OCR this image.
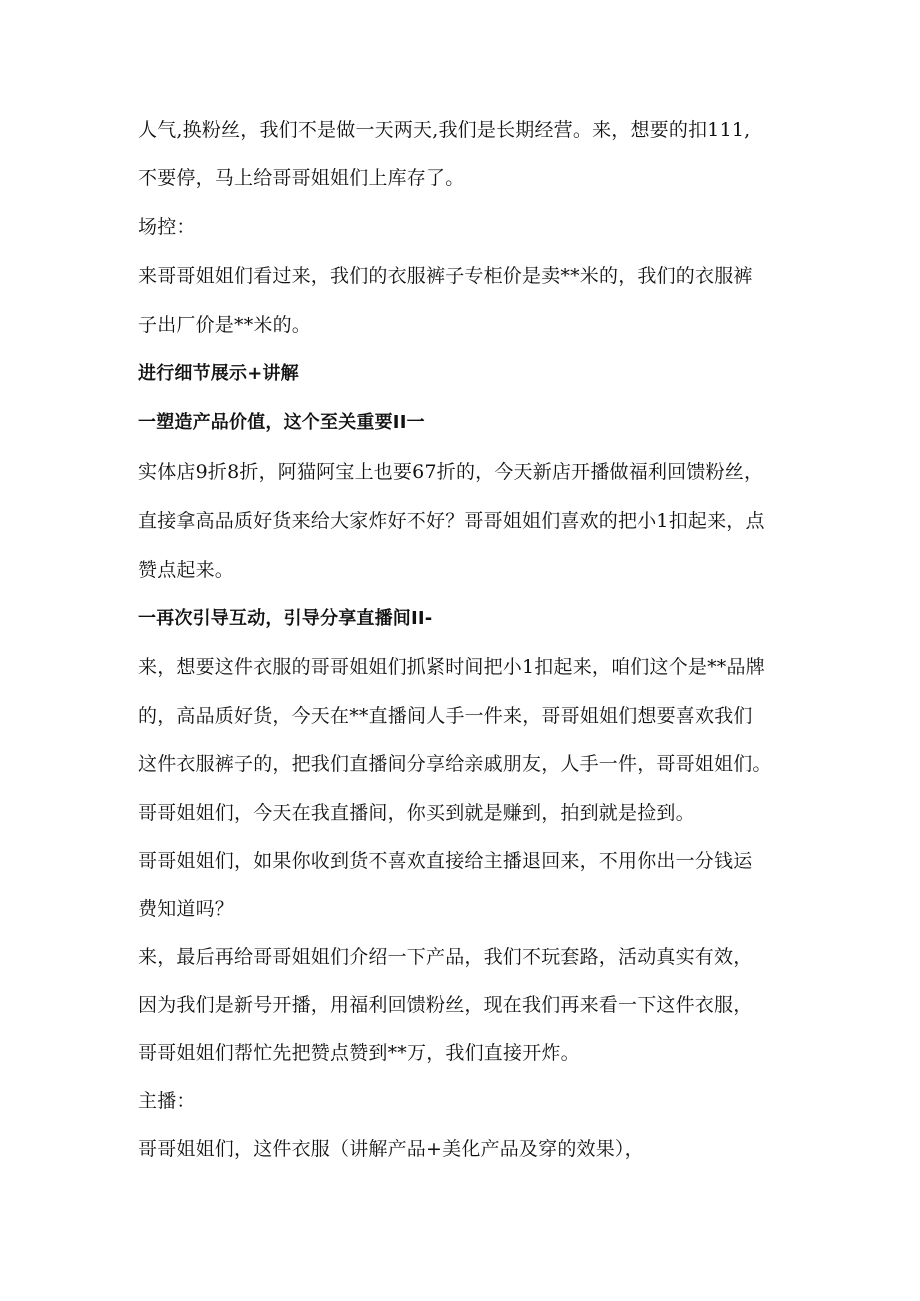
人气,换粉丝，我们不是做一天两天,我们是长期经营。来，想要的扣111,
不要停，马上给哥哥姐姐们上库存了。
场控：
来哥哥姐姐们看过来，我们的衣服裤子专柜价是卖**米的，我们的衣服裤
子出厂价是**米的。
进行细节展示+讲解
一塑造产品价值，这个至关重要II一
实体店9折8折，阿猫阿宝上也要67折的，今天新店开播做福利回馈粉丝，
直接拿高品质好货来给大家炸好不好？哥哥姐姐们喜欢的把小1扣起来，点
赞点起来。
一再次引导互动，引导分享直播间II-
来，想要这件衣服的哥哥姐姐们抓紧时间把小1扣起来，咱们这个是**品牌
的，高品质好货，今天在**直播间人手一件来，哥哥姐姐们想要喜欢我们
这件衣服裤子的，把我们直播间分享给亲戚朋友，人手一件，哥哥姐姐们。
哥哥姐姐们，今天在我直播间，你买到就是赚到，拍到就是捡到。
哥哥姐姐们，如果你收到货不喜欢直接给主播退回来，不用你出一分钱运
费知道吗？
来，最后再给哥哥姐姐们介绍一下产品，我们不玩套路，活动真实有效，
因为我们是新号开播，用福利回馈粉丝，现在我们再来看一下这件衣服，
哥哥姐姐们帮忙先把赞点赞到**万，我们直接开炸。
主播：
哥哥姐姐们，这件衣服（讲解产品+美化产品及穿的效果），
